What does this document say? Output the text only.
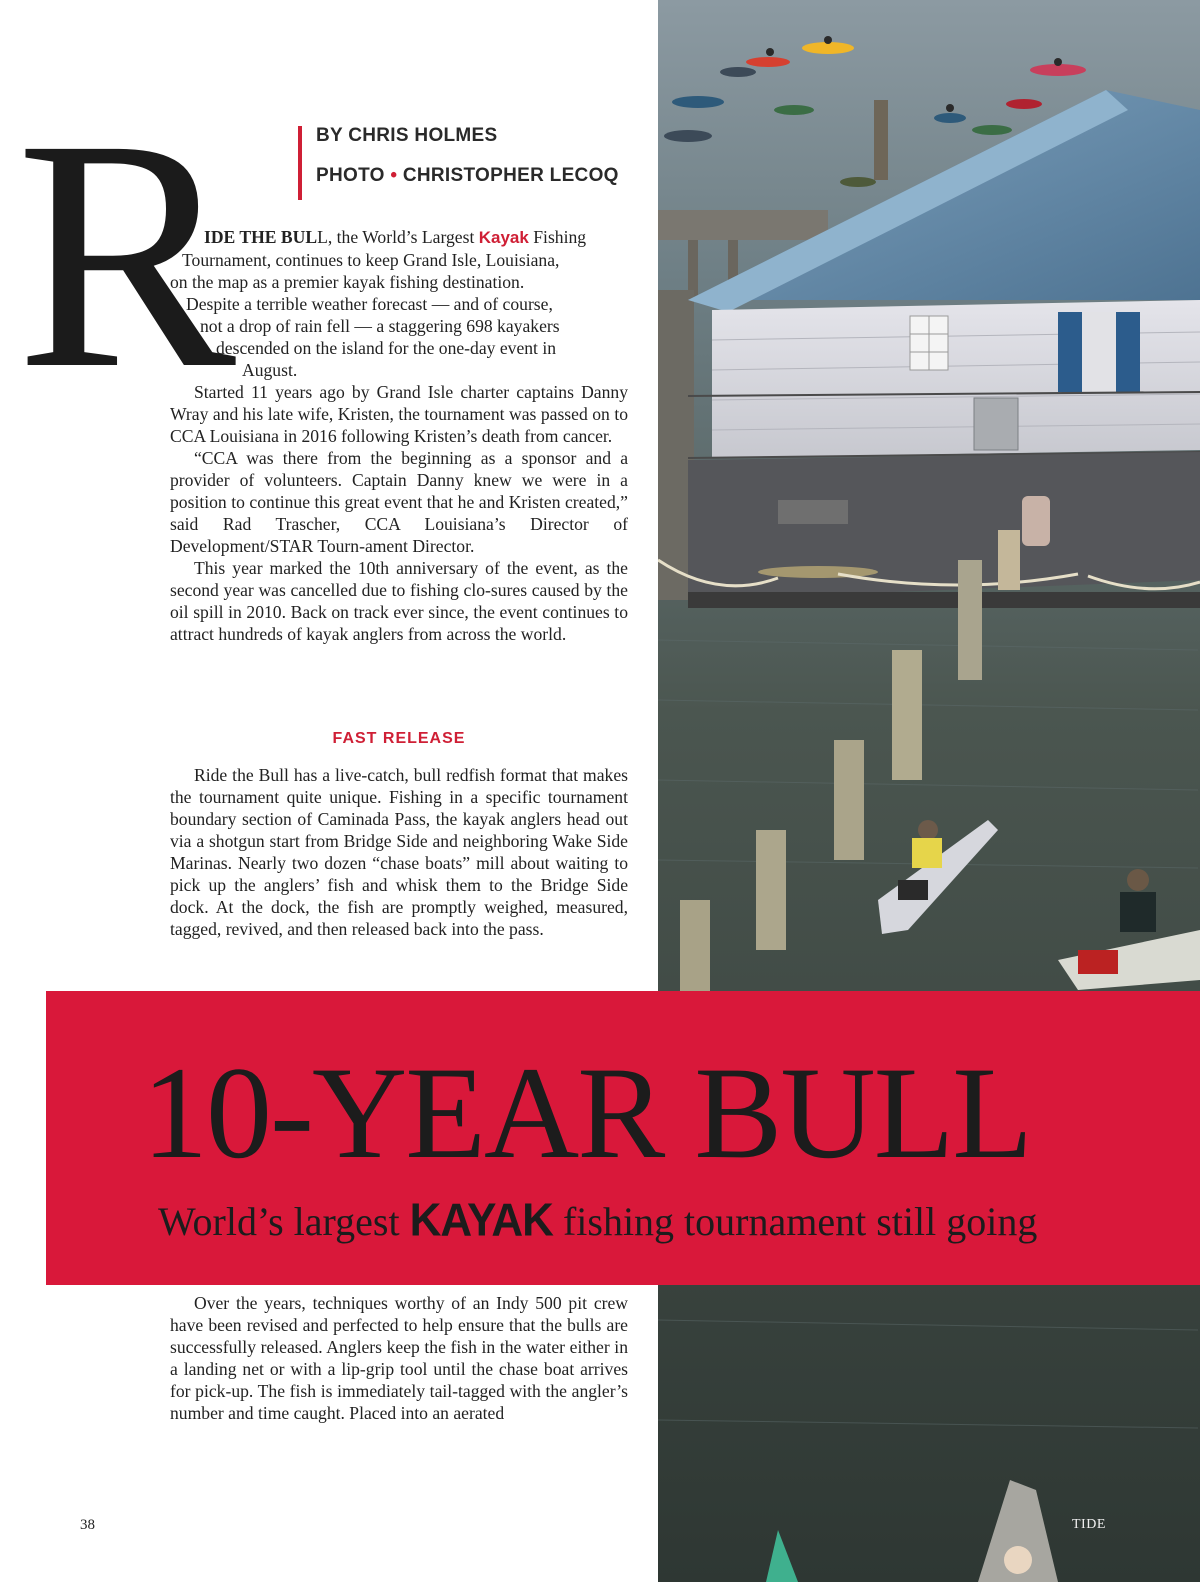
BY CHRIS HOLMES
PHOTO • CHRISTOPHER LECOQ
R
IDE THE BULL, the World’s Largest Kayak Fishing
Tournament, continues to keep Grand Isle, Louisiana,
on the map as a premier kayak fishing destination.
Despite a terrible weather forecast — and of course,
not a drop of rain fell — a staggering 698 kayakers
descended on the island for the one-day event in
August.

Started 11 years ago by Grand Isle charter captains Danny Wray and his late wife, Kristen, the tournament was passed on to CCA Louisiana in 2016 following Kristen’s death from cancer.

“CCA was there from the beginning as a sponsor and a provider of volunteers. Captain Danny knew we were in a position to continue this great event that he and Kristen created,” said Rad Trascher, CCA Louisiana’s Director of Development/STAR Tourn-ament Director.

This year marked the 10th anniversary of the event, as the second year was cancelled due to fishing clo-sures caused by the oil spill in 2010. Back on track ever since, the event continues to attract hundreds of kayak anglers from across the world.

FAST RELEASE

Ride the Bull has a live-catch, bull redfish format that makes the tournament quite unique. Fishing in a specific tournament boundary section of Caminada Pass, the kayak anglers head out via a shotgun start from Bridge Side and neighboring Wake Side Marinas. Nearly two dozen “chase boats” mill about waiting to pick up the anglers’ fish and whisk them to the Bridge Side dock. At the dock, the fish are promptly weighed, measured, tagged, revived, and then released back into the pass.

10-YEAR BULL
World’s largest KAYAK fishing tournament still going

Over the years, techniques worthy of an Indy 500 pit crew have been revised and perfected to help ensure that the bulls are successfully released. Anglers keep the fish in the water either in a landing net or with a lip-grip tool until the chase boat arrives for pick-up. The fish is immediately tail-tagged with the angler’s number and time caught. Placed into an aerated

38	TIDE
